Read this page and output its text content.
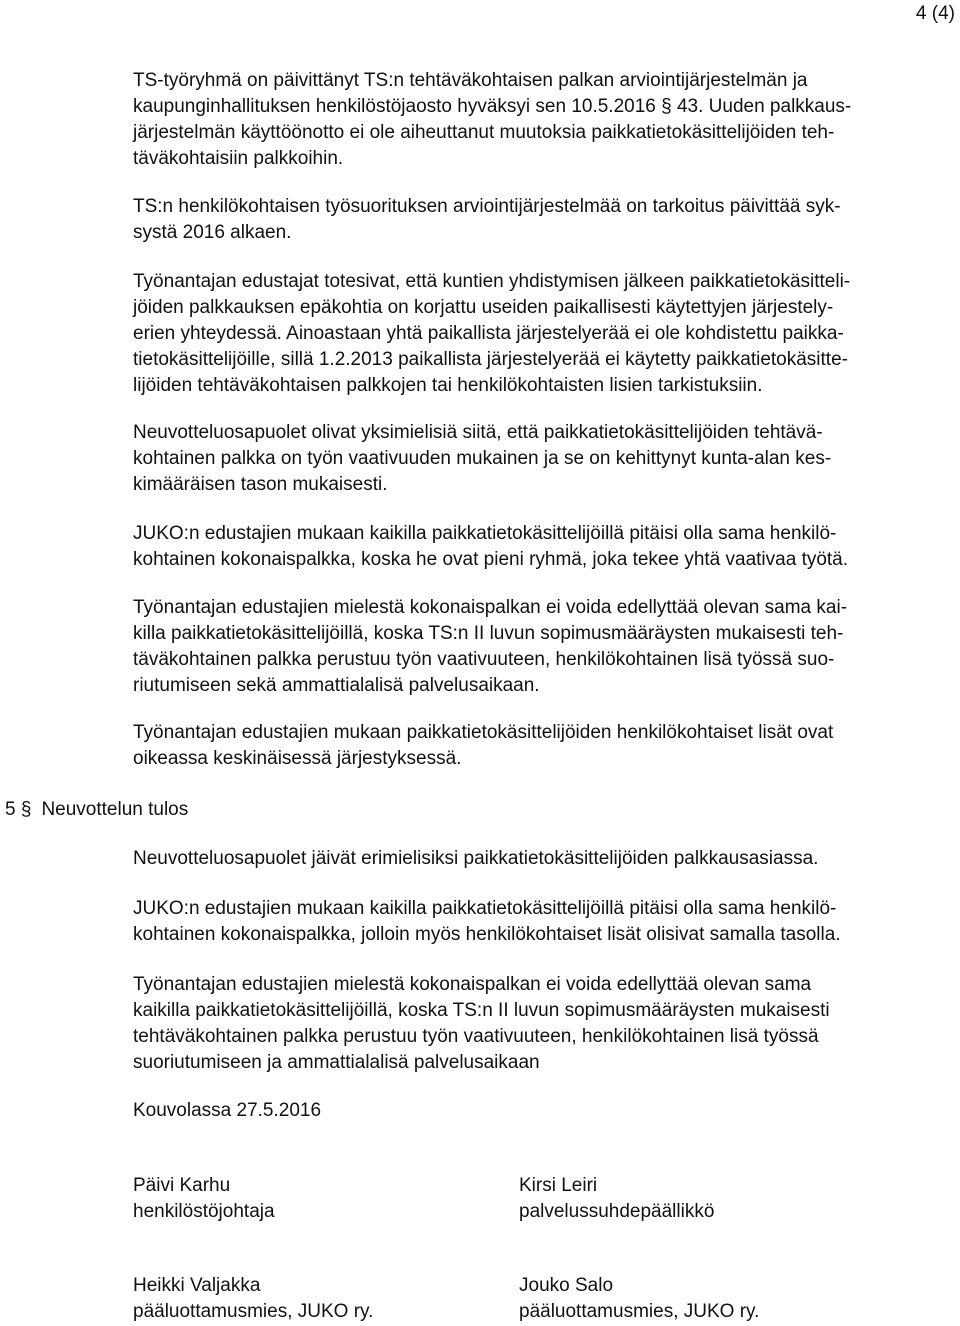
4 (4)
TS-työryhmä on päivittänyt TS:n tehtäväkohtaisen palkan arviointijärjestelmän ja
kaupunginhallituksen henkilöstöjaosto hyväksyi sen 10.5.2016 § 43. Uuden palkkaus-
järjestelmän käyttöönotto ei ole aiheuttanut muutoksia paikkatietokäsittelijöiden teh-
täväkohtaisiin palkkoihin.
TS:n henkilökohtaisen työsuorituksen arviointijärjestelmää on tarkoitus päivittää syk-
systä 2016 alkaen.
Työnantajan edustajat totesivat, että kuntien yhdistymisen jälkeen paikkatietokäsitteli-
jöiden palkkauksen epäkohtia on korjattu useiden paikallisesti käytettyjen järjestely-
erien yhteydessä. Ainoastaan yhtä paikallista järjestelyerää ei ole kohdistettu paikka-
tietokäsittelijöille, sillä 1.2.2013 paikallista järjestelyerää ei käytetty paikkatietokäsitte-
lijöiden tehtäväkohtaisen palkkojen tai henkilökohtaisten lisien tarkistuksiin.
Neuvotteluosapuolet olivat yksimielisiä siitä, että paikkatietokäsittelijöiden tehtävä-
kohtainen palkka on työn vaativuuden mukainen ja se on kehittynyt kunta-alan kes-
kimääräisen tason mukaisesti.
JUKO:n edustajien mukaan kaikilla paikkatietokäsittelijöillä pitäisi olla sama henkilö-
kohtainen kokonaispalkka, koska he ovat pieni ryhmä, joka tekee yhtä vaativaa työtä.
Työnantajan edustajien mielestä kokonaispalkan ei voida edellyttää olevan sama kai-
killa paikkatietokäsittelijöillä, koska TS:n II luvun sopimusmääräysten mukaisesti teh-
täväkohtainen palkka perustuu työn vaativuuteen, henkilökohtainen lisä työssä suo-
riutumiseen sekä ammattialalisä palvelusaikaan.
Työnantajan edustajien mukaan paikkatietokäsittelijöiden henkilökohtaiset lisät ovat
oikeassa keskinäisessä järjestyksessä.
5 § Neuvottelun tulos
Neuvotteluosapuolet jäivät erimielisiksi paikkatietokäsittelijöiden palkkausasiassa.
JUKO:n edustajien mukaan kaikilla paikkatietokäsittelijöillä pitäisi olla sama henkilö-
kohtainen kokonaispalkka, jolloin myös henkilökohtaiset lisät olisivat samalla tasolla.
Työnantajan edustajien mielestä kokonaispalkan ei voida edellyttää olevan sama
kaikilla paikkatietokäsittelijöillä, koska TS:n II luvun sopimusmääräysten mukaisesti
tehtäväkohtainen palkka perustuu työn vaativuuteen, henkilökohtainen lisä työssä
suoriutumiseen ja ammattialalisä palvelusaikaan
Kouvolassa 27.5.2016
Päivi Karhu
henkilöstöjohtaja
Kirsi Leiri
palvelussuhdepäällikkö
Heikki Valjakka
pääluottamusmies, JUKO ry.
Jouko Salo
pääluottamusmies, JUKO ry.
